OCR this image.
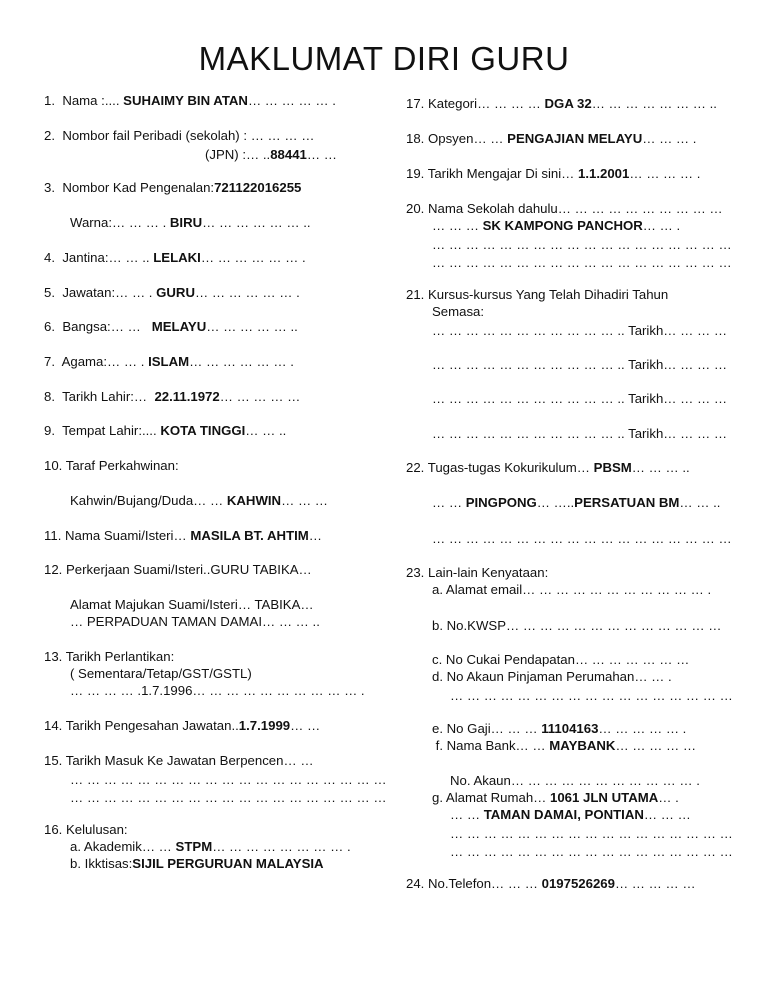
MAKLUMAT DIRI GURU
1.  Nama :.... SUHAIMY BIN ATAN… … … … … .
2.  Nombor fail Peribadi (sekolah) : … … … …
(JPN) :… ..88441… …
3.  Nombor Kad Pengenalan:721122016255
Warna:… … … . BIRU… … … … … … ..
4.  Jantina:… … .. LELAKI… … … … … … .
5.  Jawatan:… … . GURU… … … … … … .
6.  Bangsa:… …   MELAYU… … … … … ..
7.  Agama:… … . ISLAM… … … … … … .
8.  Tarikh Lahir:…  22.11.1972… … … … …
9.  Tempat Lahir:.... KOTA TINGGI… … ..
10. Taraf Perkahwinan:
Kahwin/Bujang/Duda… … KAHWIN… … …
11. Nama Suami/Isteri… MASILA BT. AHTIM…
12. Perkerjaan Suami/Isteri..GURU TABIKA…
Alamat Majukan Suami/Isteri… TABIKA…
… PERPADUAN TAMAN DAMAI… … … ..
13. Tarikh Perlantikan:
( Sementara/Tetap/GST/GSTL)
… … … … .1.7.1996… … … … … … … … … … .
14. Tarikh Pengesahan Jawatan..1.7.1999… …
15. Tarikh Masuk Ke Jawatan Berpencen… …
… … … … … … … … … … … … … … … … … … …
… … … … … … … … … … … … … … … … … … …
16. Kelulusan:
a. Akademik… … STPM… … … … … … … … .
b. Ikktisas:SIJIL PERGURUAN MALAYSIA
17. Kategori… … … … DGA 32… … … … … … … ..
18. Opsyen… … PENGAJIAN MELAYU… … … .
19. Tarikh Mengajar Di sini… 1.1.2001… … … … .
20. Nama Sekolah dahulu… … … … … … … … … …
… … … SK KAMPONG PANCHOR… … .
… … … … … … … … … … … … … … … … … …
… … … … … … … … … … … … … … … … … …
21. Kursus-kursus Yang Telah Dihadiri Tahun
Semasa:
… … … … … … … … … … … .. Tarikh… … … …
… … … … … … … … … … … .. Tarikh… … … …
… … … … … … … … … … … .. Tarikh… … … …
… … … … … … … … … … … .. Tarikh… … … …
22. Tugas-tugas Kokurikulum… PBSM… … … ..
… … PINGPONG… …..PERSATUAN BM… … ..
… … … … … … … … … … … … … … … … … …
23. Lain-lain Kenyataan:
a. Alamat email… … … … … … … … … … … .
b. No.KWSP… … … … … … … … … … … … …
c. No Cukai Pendapatan… … … … … … …
d. No Akaun Pinjaman Perumahan… … .
… … … … … … … … … … … … … … … … …
e. No Gaji… … … 11104163… … … … … .
f. Nama Bank… … MAYBANK… … … … …
No. Akaun… … … … … … … … … … … .
g. Alamat Rumah… 1061 JLN UTAMA… .
… … TAMAN DAMAI, PONTIAN… … …
… … … … … … … … … … … … … … … … …
… … … … … … … … … … … … … … … … …
24. No.Telefon… … … 0197526269… … … … …
